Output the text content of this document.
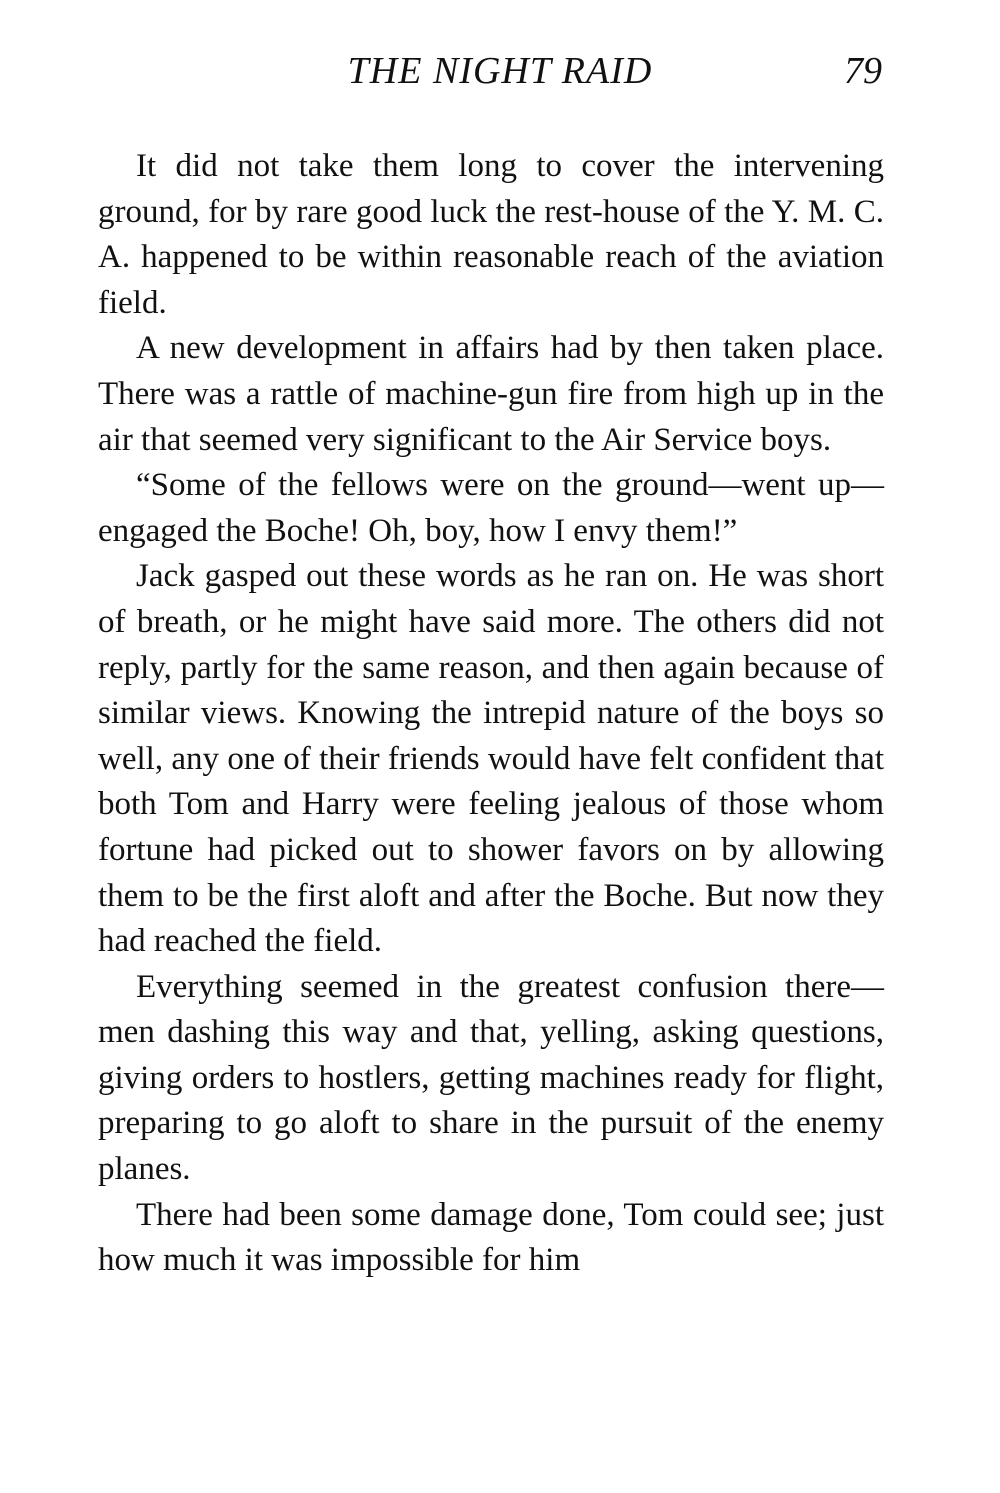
THE NIGHT RAID	79

It did not take them long to cover the intervening ground, for by rare good luck the rest-house of the Y. M. C. A. happened to be within reasonable reach of the aviation field.

A new development in affairs had by then taken place. There was a rattle of machine-gun fire from high up in the air that seemed very significant to the Air Service boys.

“Some of the fellows were on the ground—went up—engaged the Boche! Oh, boy, how I envy them!”

Jack gasped out these words as he ran on. He was short of breath, or he might have said more. The others did not reply, partly for the same reason, and then again because of similar views. Knowing the intrepid nature of the boys so well, any one of their friends would have felt confident that both Tom and Harry were feeling jealous of those whom fortune had picked out to shower favors on by allowing them to be the first aloft and after the Boche. But now they had reached the field.

Everything seemed in the greatest confusion there—men dashing this way and that, yelling, asking questions, giving orders to hostlers, getting machines ready for flight, preparing to go aloft to share in the pursuit of the enemy planes.

There had been some damage done, Tom could see; just how much it was impossible for him
